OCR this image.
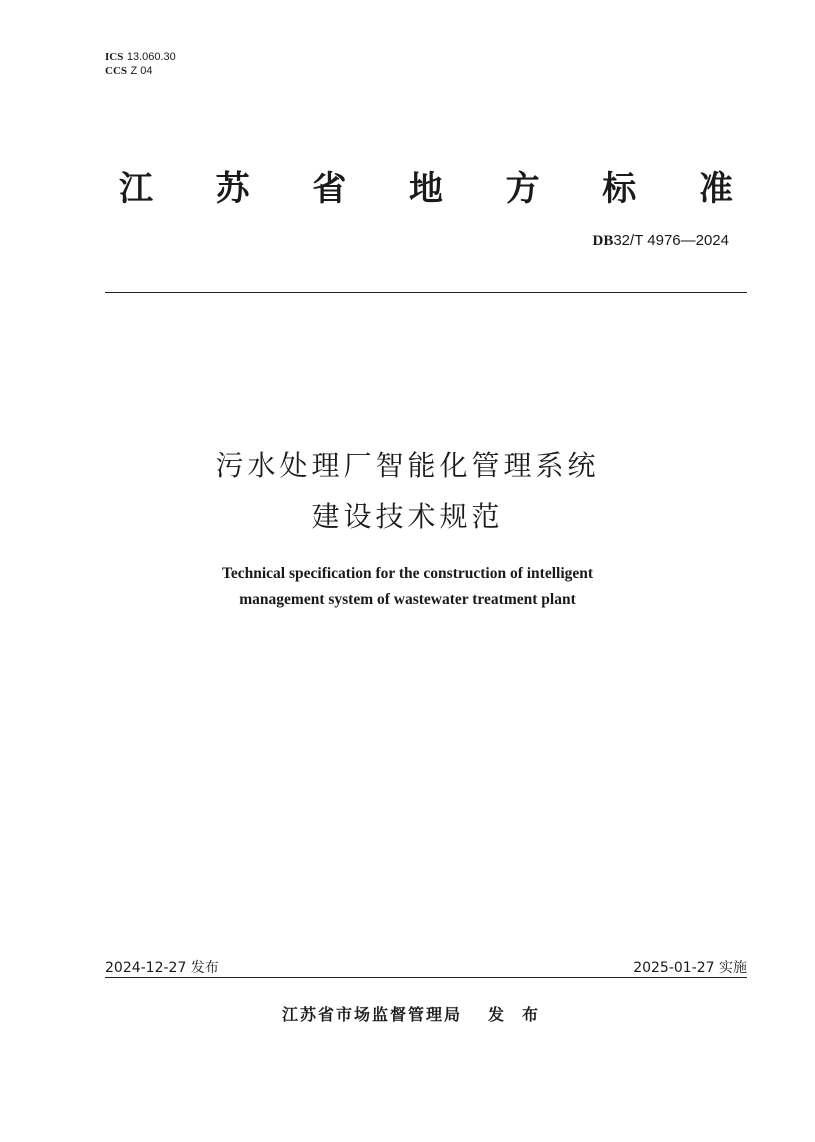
ICS 13.060.30
CCS Z 04
江 苏 省 地 方 标 准
DB32/T 4976—2024
污水处理厂智能化管理系统
建设技术规范
Technical specification for the construction of intelligent
management system of wastewater treatment plant
2024-12-27 发布	2025-01-27 实施
江苏省市场监督管理局 发布
